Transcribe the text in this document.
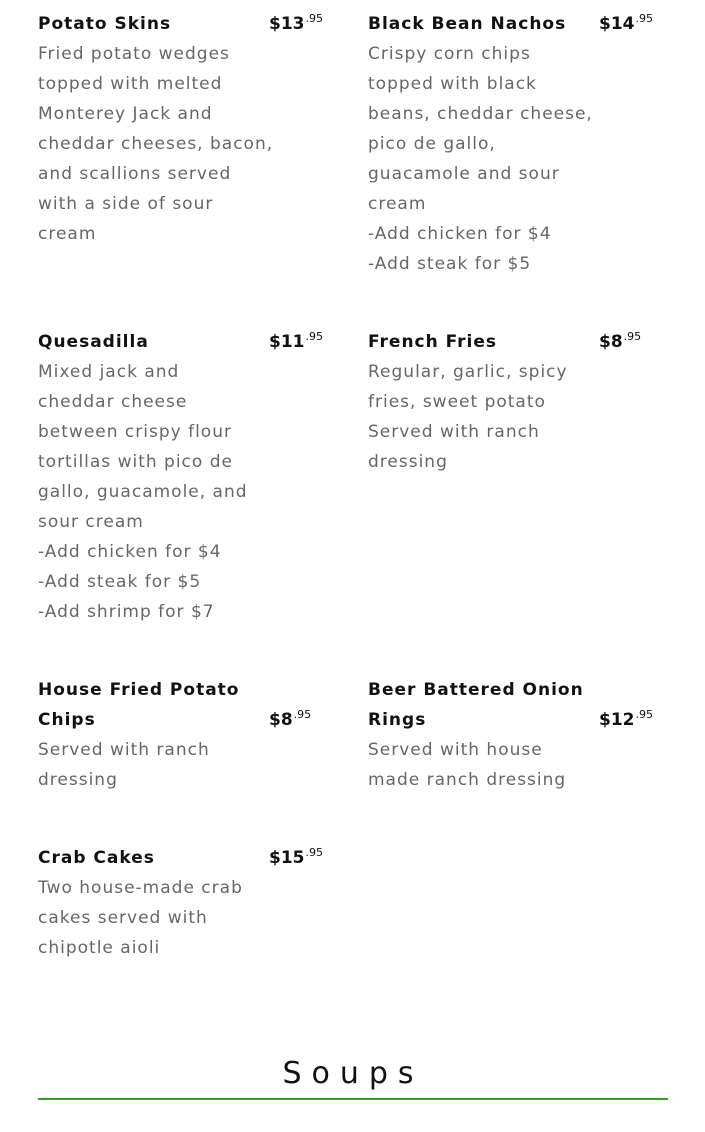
Potato Skins	$\$13^{.95}$
Fried potato wedges
topped with melted
Monterey Jack and
cheddar cheeses, bacon,
and scallions served
with a side of sour
cream
Black Bean Nachos	$\$14^{.95}$
Crispy corn chips
topped with black
beans, cheddar cheese,
pico de gallo,
guacamole and sour
cream
-Add chicken for $4
-Add steak for $5
Quesadilla	$\$11^{.95}$
Mixed jack and
cheddar cheese
between crispy flour
tortillas with pico de
gallo, guacamole, and
sour cream
-Add chicken for $4
-Add steak for $5
-Add shrimp for $7
French Fries	$\$8^{.95}$
Regular, garlic, spicy
fries, sweet potato
Served with ranch
dressing
House Fried Potato Chips	$\$8^{.95}$
Served with ranch
dressing
Beer Battered Onion Rings	$\$12^{.95}$
Served with house
made ranch dressing
Crab Cakes	$\$15^{.95}$
Two house-made crab
cakes served with
chipotle aioli
Soups
